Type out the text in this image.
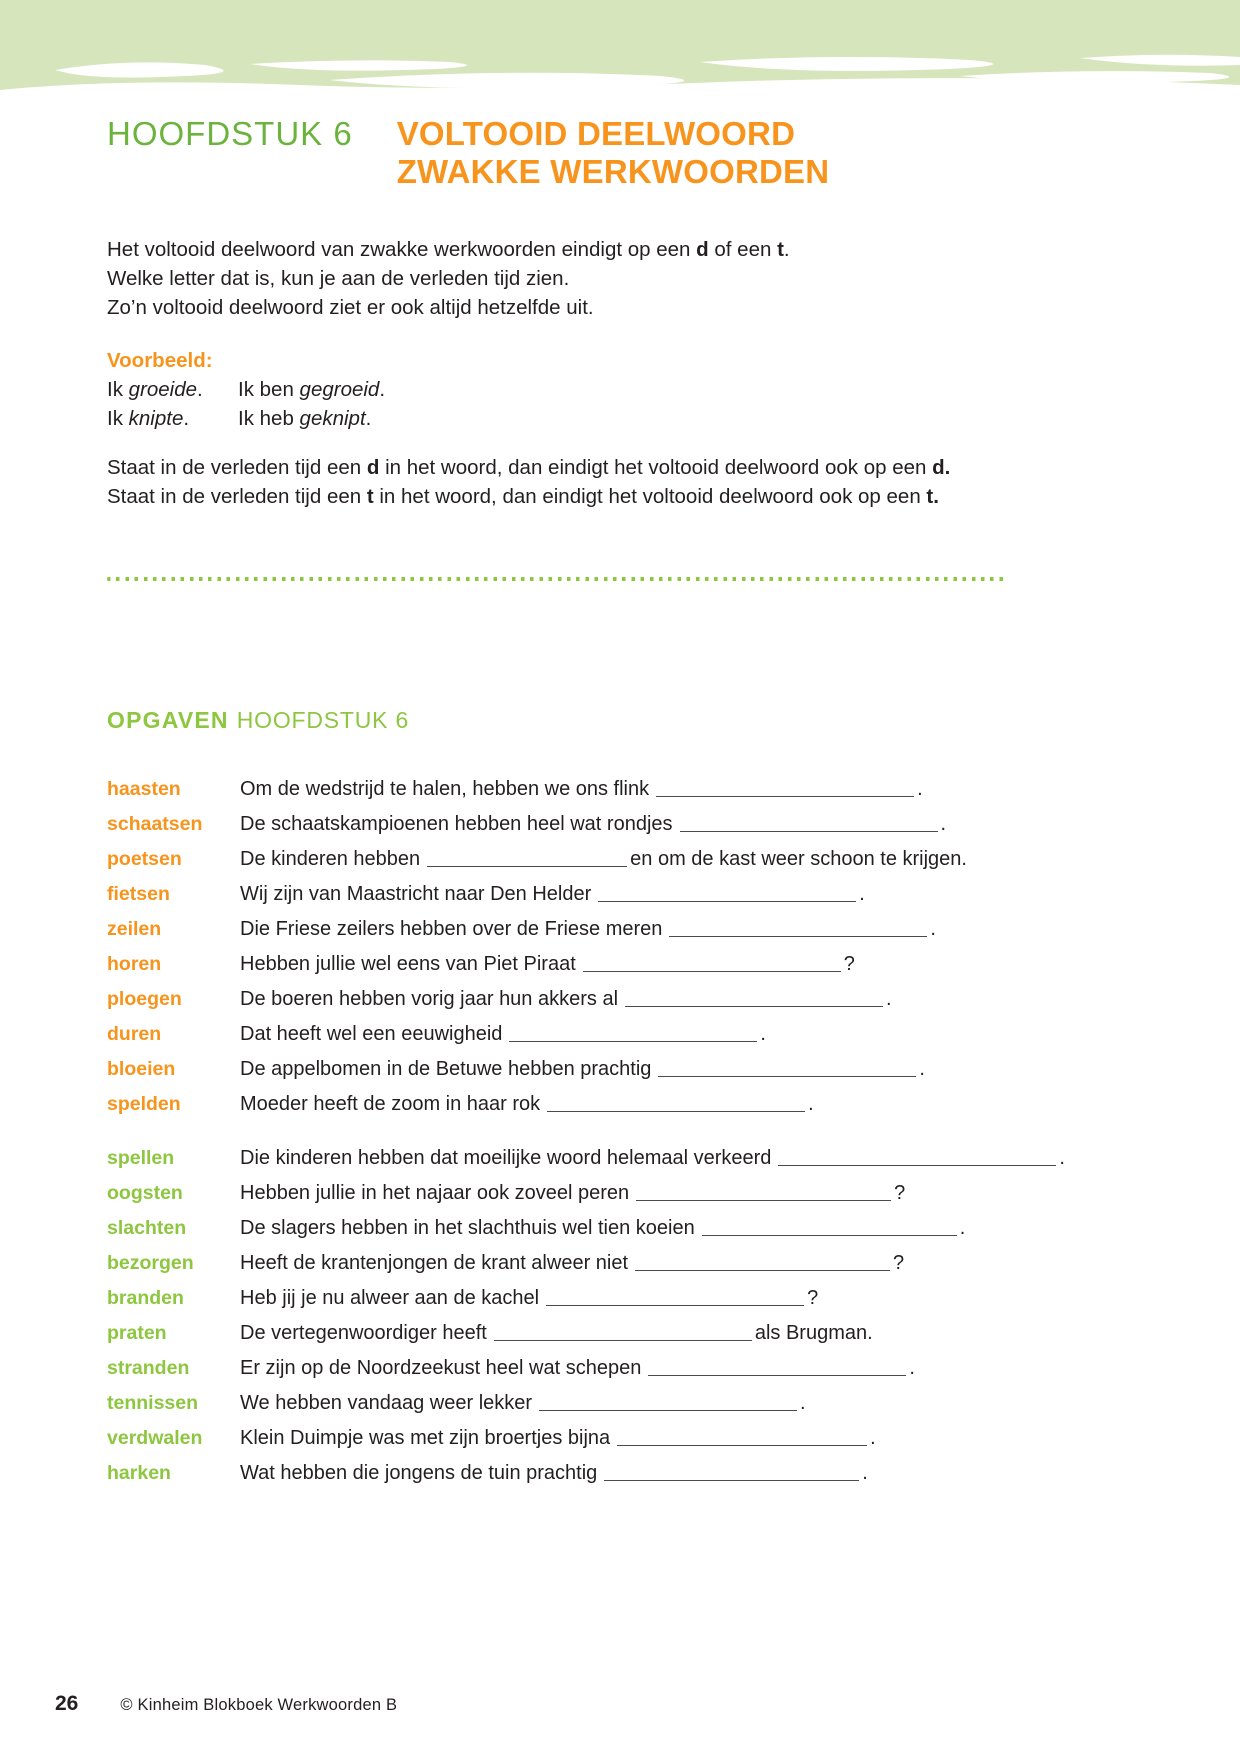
HOOFDSTUK 6 VOLTOOID DEELWOORD
ZWAKKE WERKWOORDEN

Het voltooid deelwoord van zwakke werkwoorden eindigt op een d of een t.
Welke letter dat is, kun je aan de verleden tijd zien.
Zo’n voltooid deelwoord ziet er ook altijd hetzelfde uit.

Voorbeeld:

Ik groeide.	Ik ben gegroeid.
Ik knipte.	Ik heb geknipt.

Staat in de verleden tijd een d in het woord, dan eindigt het voltooid deelwoord ook op een d.
Staat in de verleden tijd een t in het woord, dan eindigt het voltooid deelwoord ook op een t.

OPGAVEN HOOFDSTUK 6
haasten	Om de wedstrijd te halen, hebben we ons flink	.
schaatsen	De schaatskampioenen hebben heel wat rondjes	.
poetsen	De kinderen hebben	en om de kast weer schoon te krijgen.
fietsen	Wij zijn van Maastricht naar Den Helder	.
zeilen	Die Friese zeilers hebben over de Friese meren	.
horen	Hebben jullie wel eens van Piet Piraat	?
ploegen	De boeren hebben vorig jaar hun akkers al	.
duren	Dat heeft wel een eeuwigheid	.
bloeien	De appelbomen in de Betuwe hebben prachtig	.
spelden	Moeder heeft de zoom in haar rok	.
spellen	Die kinderen hebben dat moeilijke woord helemaal verkeerd	.
oogsten	Hebben jullie in het najaar ook zoveel peren	?
slachten	De slagers hebben in het slachthuis wel tien koeien	.
bezorgen	Heeft de krantenjongen de krant alweer niet	?
branden	Heb jij je nu alweer aan de kachel	?
praten	De vertegenwoordiger heeft	als Brugman.
stranden	Er zijn op de Noordzeekust heel wat schepen	.
tennissen	We hebben vandaag weer lekker	.
verdwalen	Klein Duimpje was met zijn broertjes bijna	.
harken	Wat hebben die jongens de tuin prachtig	.
26	© Kinheim Blokboek Werkwoorden B
